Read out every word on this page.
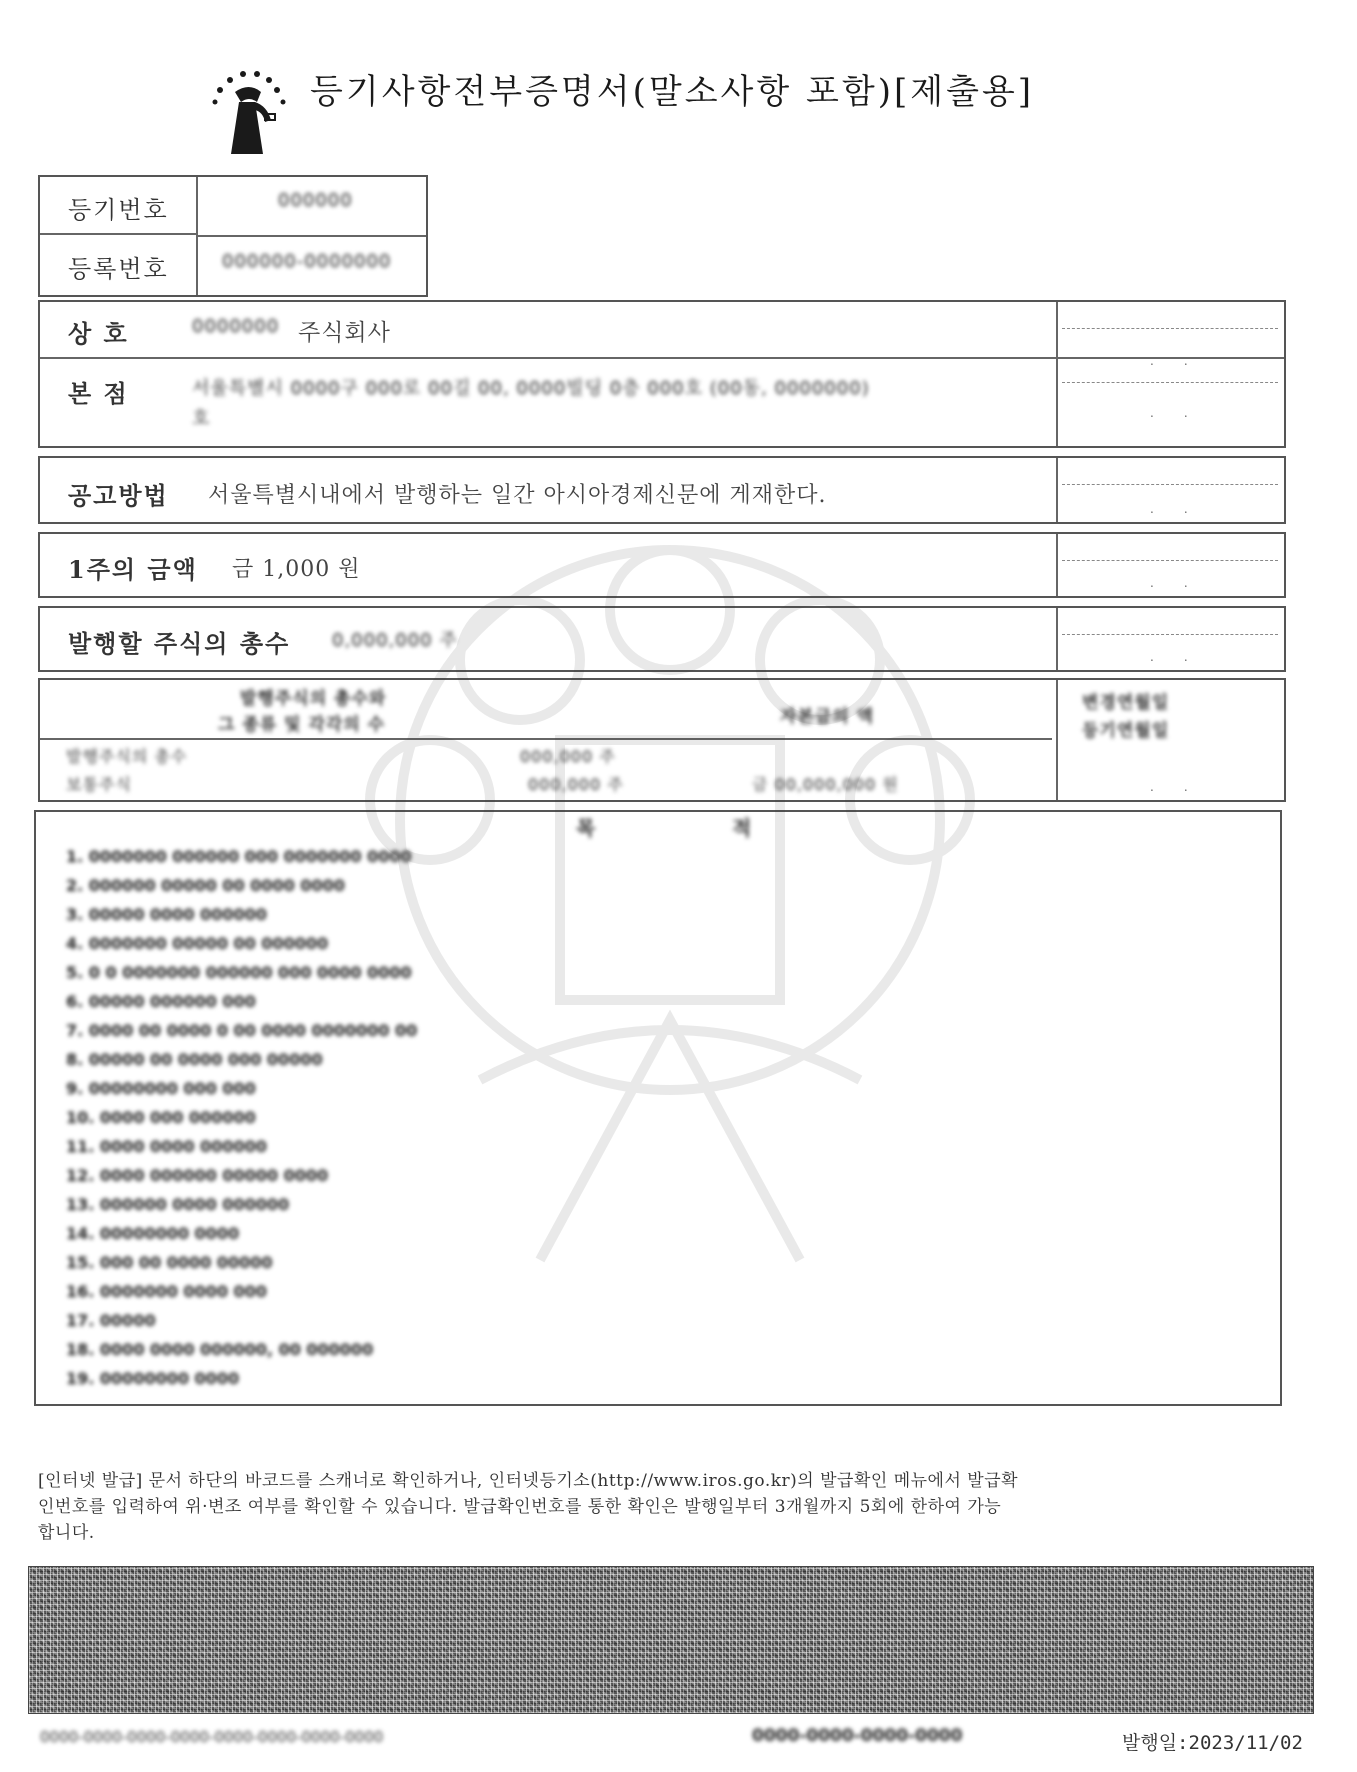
등기사항전부증명서(말소사항 포함)[제출용]
등기번호	000000
등록번호	000000-0000000
..
..
상 호	0000000 주식회사
본 점	서울특별시 0000구 000로 00길 00, 0000빌딩 0층 000호 (00동, 0000000)
호
..
공고방법 서울특별시내에서 발행하는 일간 아시아경제신문에 게재한다.
..
1주의 금액 금 1,000 원
..
발행할 주식의 총수 0,000,000 주
..
발행주식의 총수와
그 종류 및 각각의 수	자본금의 액
변경연월일
등기연월일
발행주식의 총수	000,000 주
보통주식	000,000 주	금 00,000,000 원
목	적
1. 0000000 000000 000 0000000 0000
2. 000000 00000 00 0000 0000
3. 00000 0000 000000
4. 0000000 00000 00 000000
5. 0 0 0000000 000000 000 0000 0000
6. 00000 000000 000
7. 0000 00 0000 0 00 0000 0000000 00
8. 00000 00 0000 000 00000
9. 00000000 000 000
10. 0000 000 000000
11. 0000 0000 000000
12. 0000 000000 00000 0000
13. 000000 0000 000000
14. 00000000 0000
15. 000 00 0000 00000
16. 0000000 0000 000
17. 00000
18. 0000 0000 000000, 00 000000
19. 00000000 0000
[인터넷 발급] 문서 하단의 바코드를 스캐너로 확인하거나, 인터넷등기소(http://www.iros.go.kr)의 발급확인 메뉴에서 발급확
인번호를 입력하여 위·변조 여부를 확인할 수 있습니다. 발급확인번호를 통한 확인은 발행일부터 3개월까지 5회에 한하여 가능
합니다.
0000-0000-0000-0000-0000-0000-0000-0000	0000-0000-0000-0000	발행일:2023/11/02
